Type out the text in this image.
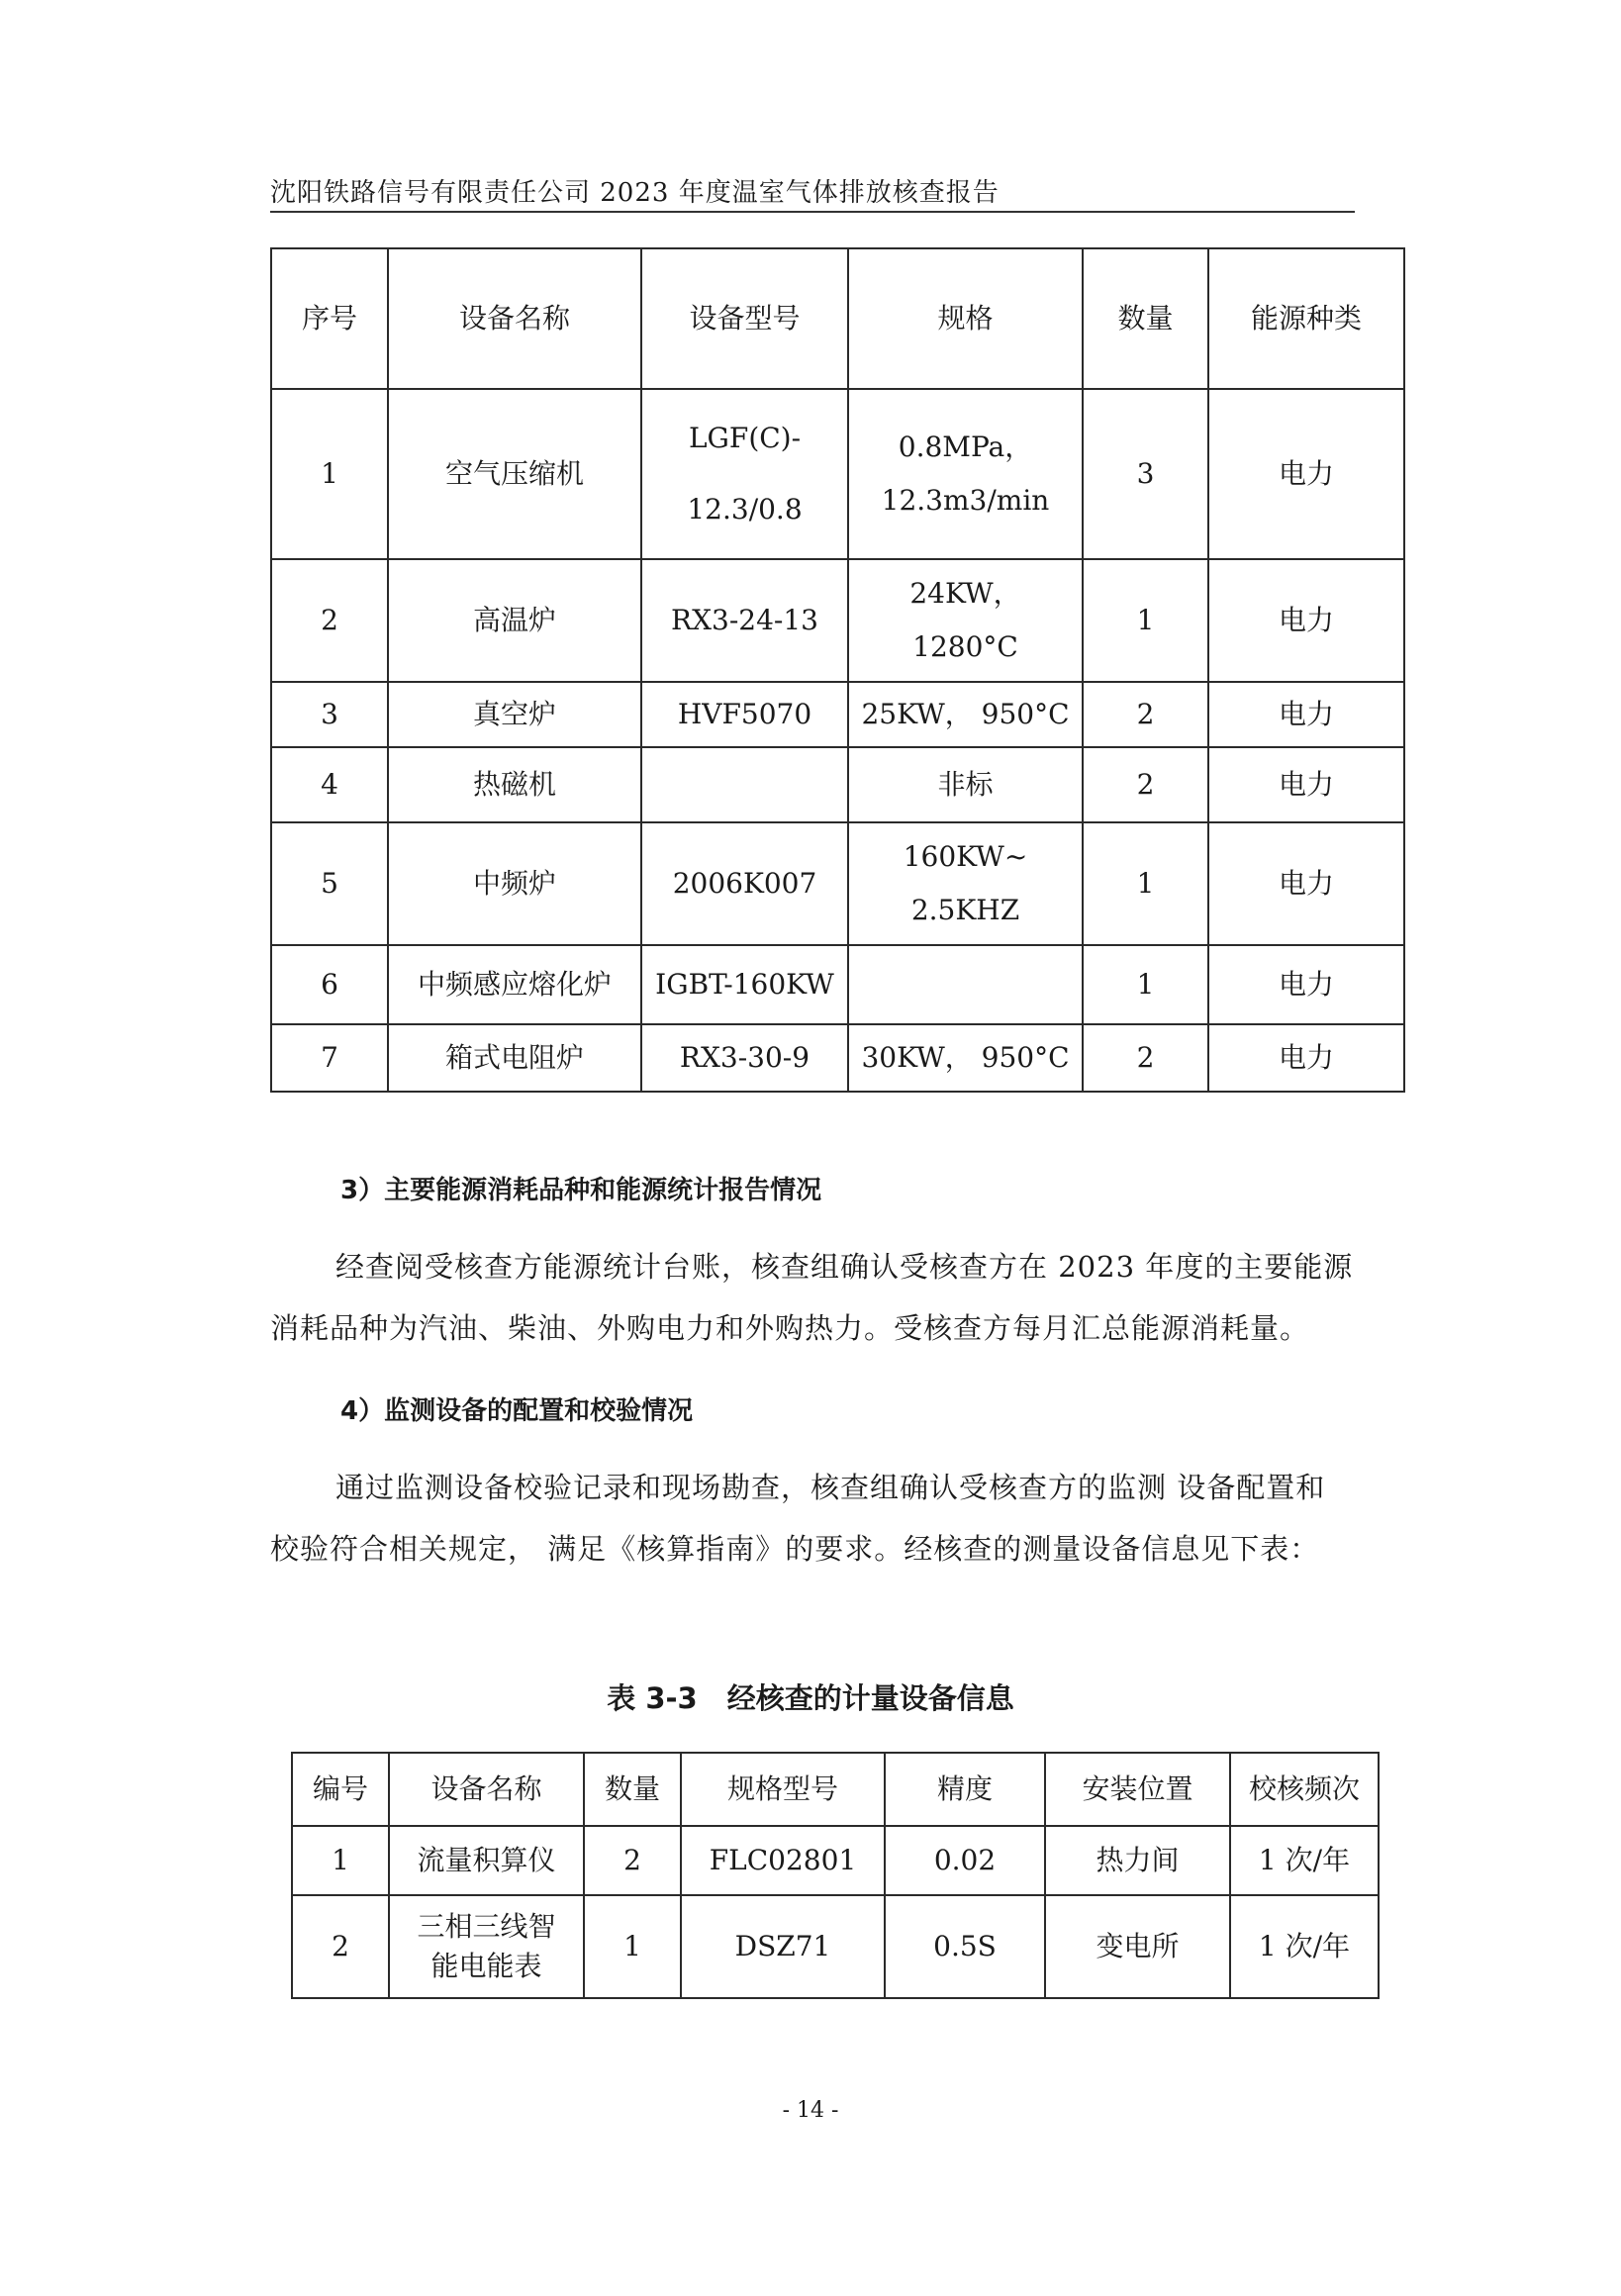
沈阳铁路信号有限责任公司 2023 年度温室气体排放核查报告
序号	设备名称	设备型号	规格	数量	能源种类
1	空气压缩机	LGF(C)-
12.3/0.8	0.8MPa，
12.3m3/min	3	电力
2	高温炉	RX3-24-13	24KW，
1280°C	1	电力
3	真空炉	HVF5070	25KW， 950°C	2	电力
4	热磁机		非标	2	电力
5	中频炉	2006K007	160KW~
2.5KHZ	1	电力
6	中频感应熔化炉	IGBT-160KW		1	电力
7	箱式电阻炉	RX3-30-9	30KW， 950°C	2	电力
3）主要能源消耗品种和能源统计报告情况
经查阅受核查方能源统计台账，核查组确认受核查方在 2023 年度的主要能源消耗品种为汽油、柴油、外购电力和外购热力。受核查方每月汇总能源消耗量。
4）监测设备的配置和校验情况
通过监测设备校验记录和现场勘查，核查组确认受核查方的监测 设备配置和校验符合相关规定， 满足《核算指南》的要求。经核查的测量设备信息见下表：
表 3-3 经核查的计量设备信息
编号	设备名称	数量	规格型号	精度	安装位置	校核频次
1	流量积算仪	2	FLC02801	0.02	热力间	1 次/年
2	三相三线智
能电能表	1	DSZ71	0.5S	变电所	1 次/年
- 14 -
